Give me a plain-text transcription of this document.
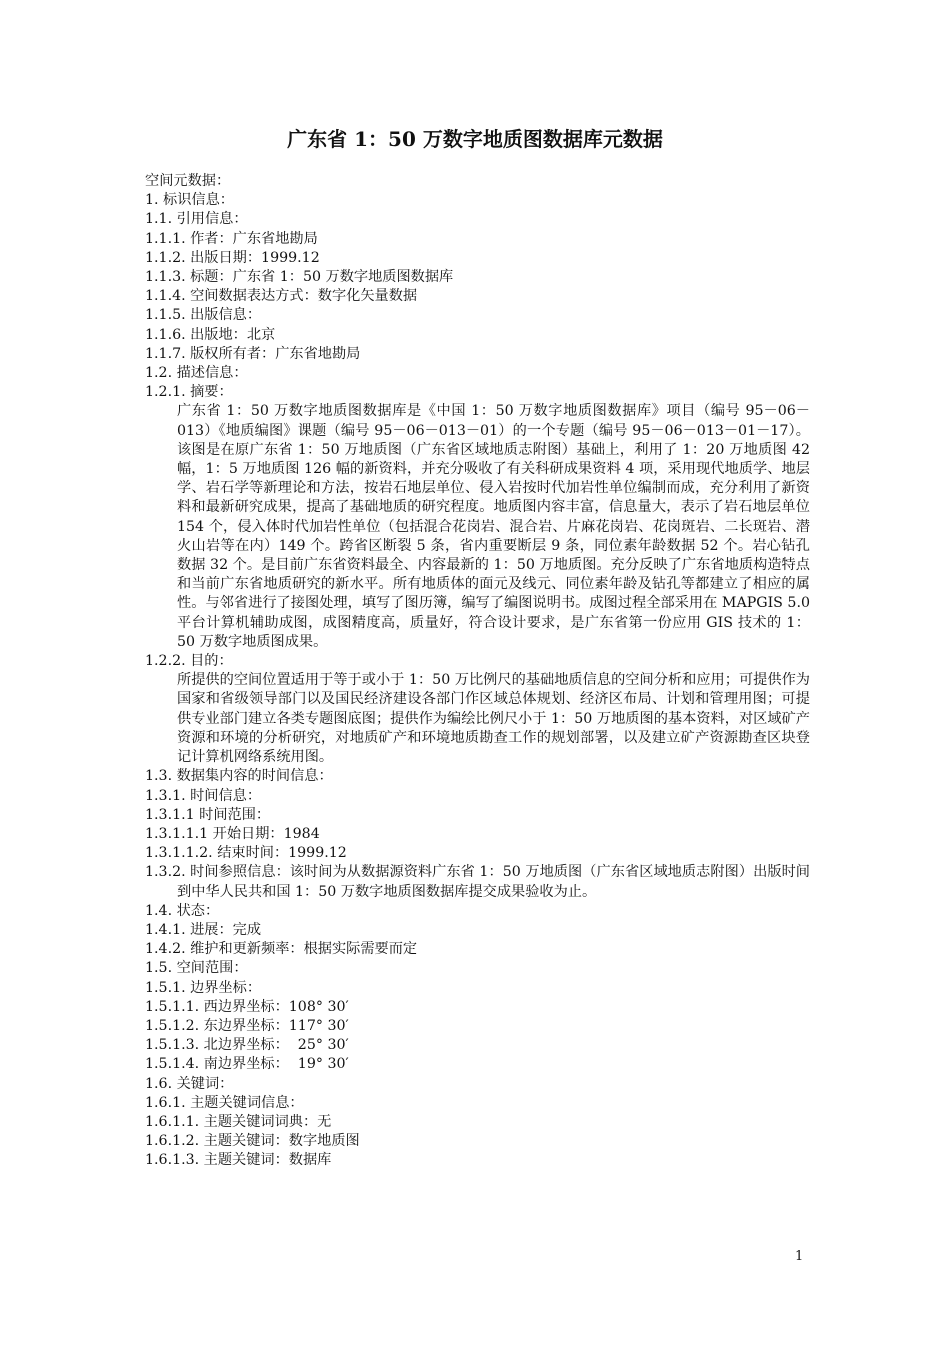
广东省 1：50 万数字地质图数据库元数据

空间元数据：

1. 标识信息：

1.1. 引用信息：

1.1.1. 作者：广东省地勘局

1.1.2. 出版日期：1999.12

1.1.3. 标题：广东省 1：50 万数字地质图数据库

1.1.4. 空间数据表达方式：数字化矢量数据

1.1.5. 出版信息：

1.1.6. 出版地：北京

1.1.7. 版权所有者：广东省地勘局

1.2. 描述信息：

1.2.1. 摘要：

广东省 1：50 万数字地质图数据库是《中国 1：50 万数字地质图数据库》项目（编号 95－06－013）《地质编图》课题（编号 95－06－013－01）的一个专题（编号 95－06－013－01－17）。该图是在原广东省 1：50 万地质图（广东省区域地质志附图）基础上，利用了 1：20 万地质图 42 幅，1：5 万地质图 126 幅的新资料，并充分吸收了有关科研成果资料 4 项，采用现代地质学、地层学、岩石学等新理论和方法，按岩石地层单位、侵入岩按时代加岩性单位编制而成，充分利用了新资料和最新研究成果，提高了基础地质的研究程度。地质图内容丰富，信息量大，表示了岩石地层单位 154 个，侵入体时代加岩性单位（包括混合花岗岩、混合岩、片麻花岗岩、花岗斑岩、二长斑岩、潜火山岩等在内）149 个。跨省区断裂 5 条，省内重要断层 9 条，同位素年龄数据 52 个。岩心钻孔数据 32 个。是目前广东省资料最全、内容最新的 1：50 万地质图。充分反映了广东省地质构造特点和当前广东省地质研究的新水平。所有地质体的面元及线元、同位素年龄及钻孔等都建立了相应的属性。与邻省进行了接图处理，填写了图历簿，编写了编图说明书。成图过程全部采用在 MAPGIS 5.0 平台计算机辅助成图，成图精度高，质量好，符合设计要求，是广东省第一份应用 GIS 技术的 1：50 万数字地质图成果。

1.2.2. 目的：

所提供的空间位置适用于等于或小于 1：50 万比例尺的基础地质信息的空间分析和应用；可提供作为国家和省级领导部门以及国民经济建设各部门作区域总体规划、经济区布局、计划和管理用图；可提供专业部门建立各类专题图底图；提供作为编绘比例尺小于 1：50 万地质图的基本资料，对区域矿产资源和环境的分析研究，对地质矿产和环境地质勘查工作的规划部署，以及建立矿产资源勘查区块登记计算机网络系统用图。

1.3. 数据集内容的时间信息：

1.3.1. 时间信息：

1.3.1.1 时间范围：

1.3.1.1.1 开始日期：1984

1.3.1.1.2. 结束时间：1999.12

1.3.2. 时间参照信息：该时间为从数据源资料广东省 1：50 万地质图（广东省区域地质志附图）出版时间到中华人民共和国 1：50 万数字地质图数据库提交成果验收为止。

1.4. 状态：

1.4.1. 进展：完成

1.4.2. 维护和更新频率：根据实际需要而定

1.5. 空间范围：

1.5.1. 边界坐标：

1.5.1.1. 西边界坐标：108° 30′

1.5.1.2. 东边界坐标：117° 30′

1.5.1.3. 北边界坐标：  25° 30′

1.5.1.4. 南边界坐标：  19° 30′

1.6. 关键词：

1.6.1. 主题关键词信息：

1.6.1.1. 主题关键词词典：无

1.6.1.2. 主题关键词：数字地质图

1.6.1.3. 主题关键词：数据库

1
